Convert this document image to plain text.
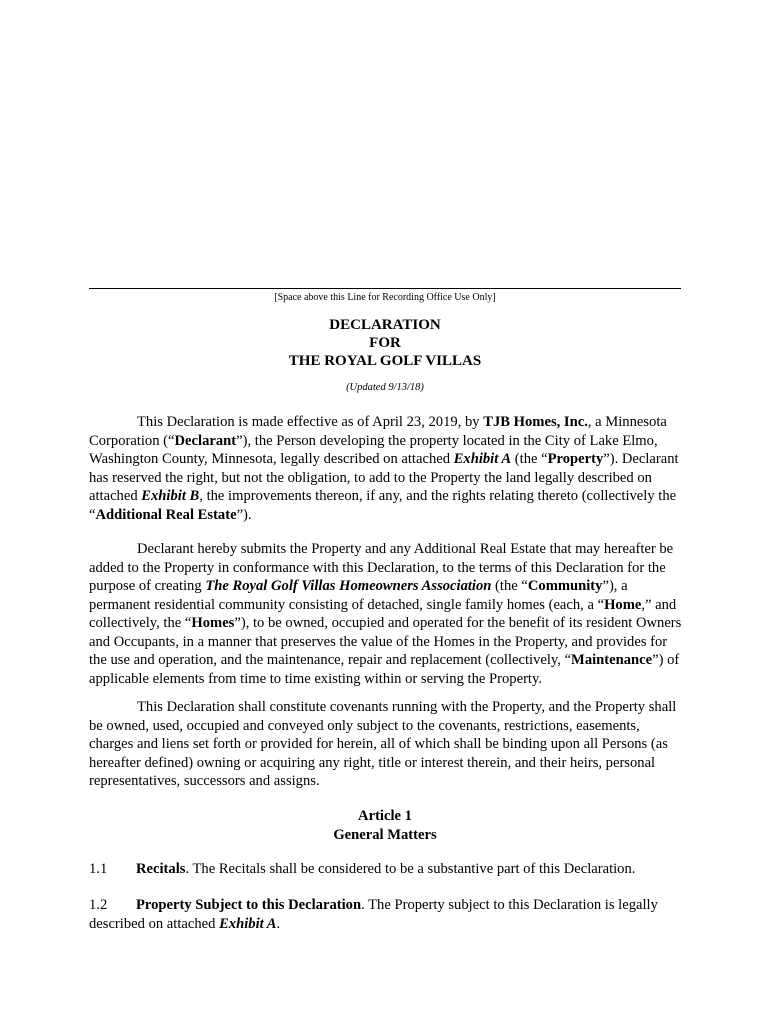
[Space above this Line for Recording Office Use Only]
DECLARATION
FOR
THE ROYAL GOLF VILLAS
(Updated 9/13/18)

This Declaration is made effective as of April 23, 2019, by TJB Homes, Inc., a Minnesota Corporation (“Declarant”), the Person developing the property located in the City of Lake Elmo, Washington County, Minnesota, legally described on attached Exhibit A (the “Property”). Declarant has reserved the right, but not the obligation, to add to the Property the land legally described on attached Exhibit B, the improvements thereon, if any, and the rights relating thereto (collectively the “Additional Real Estate”).

Declarant hereby submits the Property and any Additional Real Estate that may hereafter be added to the Property in conformance with this Declaration, to the terms of this Declaration for the purpose of creating The Royal Golf Villas Homeowners Association (the “Community”), a permanent residential community consisting of detached, single family homes (each, a “Home,” and collectively, the “Homes”), to be owned, occupied and operated for the benefit of its resident Owners and Occupants, in a manner that preserves the value of the Homes in the Property, and provides for the use and operation, and the maintenance, repair and replacement (collectively, “Maintenance”) of applicable elements from time to time existing within or serving the Property.

This Declaration shall constitute covenants running with the Property, and the Property shall be owned, used, occupied and conveyed only subject to the covenants, restrictions, easements, charges and liens set forth or provided for herein, all of which shall be binding upon all Persons (as hereafter defined) owning or acquiring any right, title or interest therein, and their heirs, personal representatives, successors and assigns.

Article 1
General Matters

1.1 Recitals. The Recitals shall be considered to be a substantive part of this Declaration.

1.2 Property Subject to this Declaration. The Property subject to this Declaration is legally described on attached Exhibit A.
